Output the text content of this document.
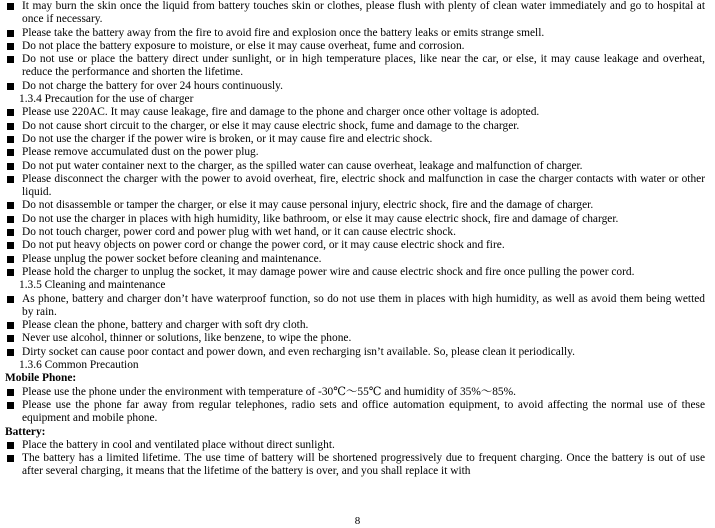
It may burn the skin once the liquid from battery touches skin or clothes, please flush with plenty of clean water immediately and go to hospital at once if necessary.

Please take the battery away from the fire to avoid fire and explosion once the battery leaks or emits strange smell.

Do not place the battery exposure to moisture, or else it may cause overheat, fume and corrosion.

Do not use or place the battery direct under sunlight, or in high temperature places, like near the car, or else, it may cause leakage and overheat, reduce the performance and shorten the lifetime.

Do not charge the battery for over 24 hours continuously.

1.3.4 Precaution for the use of charger

Please use 220AC. It may cause leakage, fire and damage to the phone and charger once other voltage is adopted.

Do not cause short circuit to the charger, or else it may cause electric shock, fume and damage to the charger.

Do not use the charger if the power wire is broken, or it may cause fire and electric shock.

Please remove accumulated dust on the power plug.

Do not put water container next to the charger, as the spilled water can cause overheat, leakage and malfunction of charger.

Please disconnect the charger with the power to avoid overheat, fire, electric shock and malfunction in case the charger contacts with water or other liquid.

Do not disassemble or tamper the charger, or else it may cause personal injury, electric shock, fire and the damage of charger.

Do not use the charger in places with high humidity, like bathroom, or else it may cause electric shock, fire and damage of charger.

Do not touch charger, power cord and power plug with wet hand, or it can cause electric shock.

Do not put heavy objects on power cord or change the power cord, or it may cause electric shock and fire.

Please unplug the power socket before cleaning and maintenance.

Please hold the charger to unplug the socket, it may damage power wire and cause electric shock and fire once pulling the power cord.

1.3.5 Cleaning and maintenance

As phone, battery and charger don’t have waterproof function, so do not use them in places with high humidity, as well as avoid them being wetted by rain.

Please clean the phone, battery and charger with soft dry cloth.

Never use alcohol, thinner or solutions, like benzene, to wipe the phone.

Dirty socket can cause poor contact and power down, and even recharging isn’t available. So, please clean it periodically.

1.3.6 Common Precaution

Mobile Phone:

Please use the phone under the environment with temperature of -30℃～55℃ and humidity of 35%～85%.

Please use the phone far away from regular telephones, radio sets and office automation equipment, to avoid affecting the normal use of these equipment and mobile phone.

Battery:

Place the battery in cool and ventilated place without direct sunlight.

The battery has a limited lifetime. The use time of battery will be shortened progressively due to frequent charging. Once the battery is out of use after several charging, it means that the lifetime of the battery is over, and you shall replace it with

8
